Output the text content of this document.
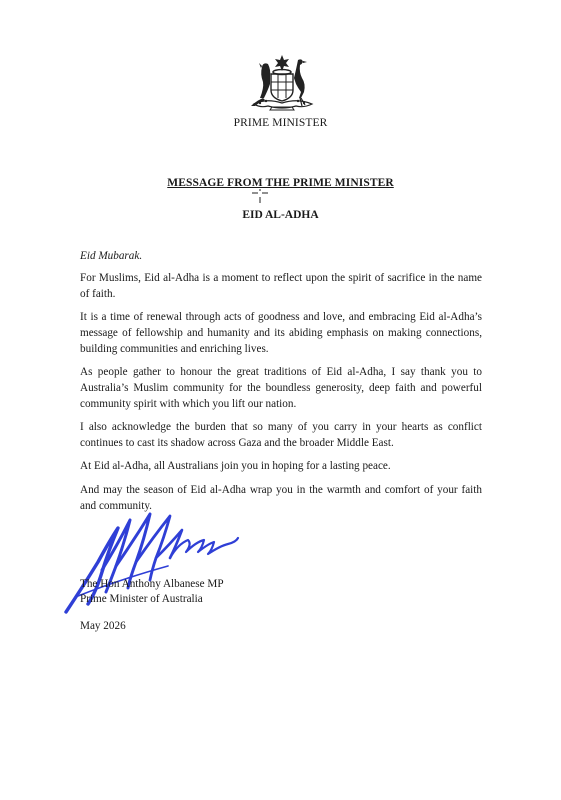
PRIME MINISTER
MESSAGE FROM THE PRIME MINISTER
EID AL-ADHA
Eid Mubarak.
For Muslims, Eid al-Adha is a moment to reflect upon the spirit of sacrifice in the name of faith.
It is a time of renewal through acts of goodness and love, and embracing Eid al-Adha’s message of fellowship and humanity and its abiding emphasis on making connections, building communities and enriching lives.
As people gather to honour the great traditions of Eid al-Adha, I say thank you to Australia’s Muslim community for the boundless generosity, deep faith and powerful community spirit with which you lift our nation.
I also acknowledge the burden that so many of you carry in your hearts as conflict continues to cast its shadow across Gaza and the broader Middle East.
At Eid al-Adha, all Australians join you in hoping for a lasting peace.
And may the season of Eid al-Adha wrap you in the warmth and comfort of your faith and community.
The Hon Anthony Albanese MP
Prime Minister of Australia
May 2026
